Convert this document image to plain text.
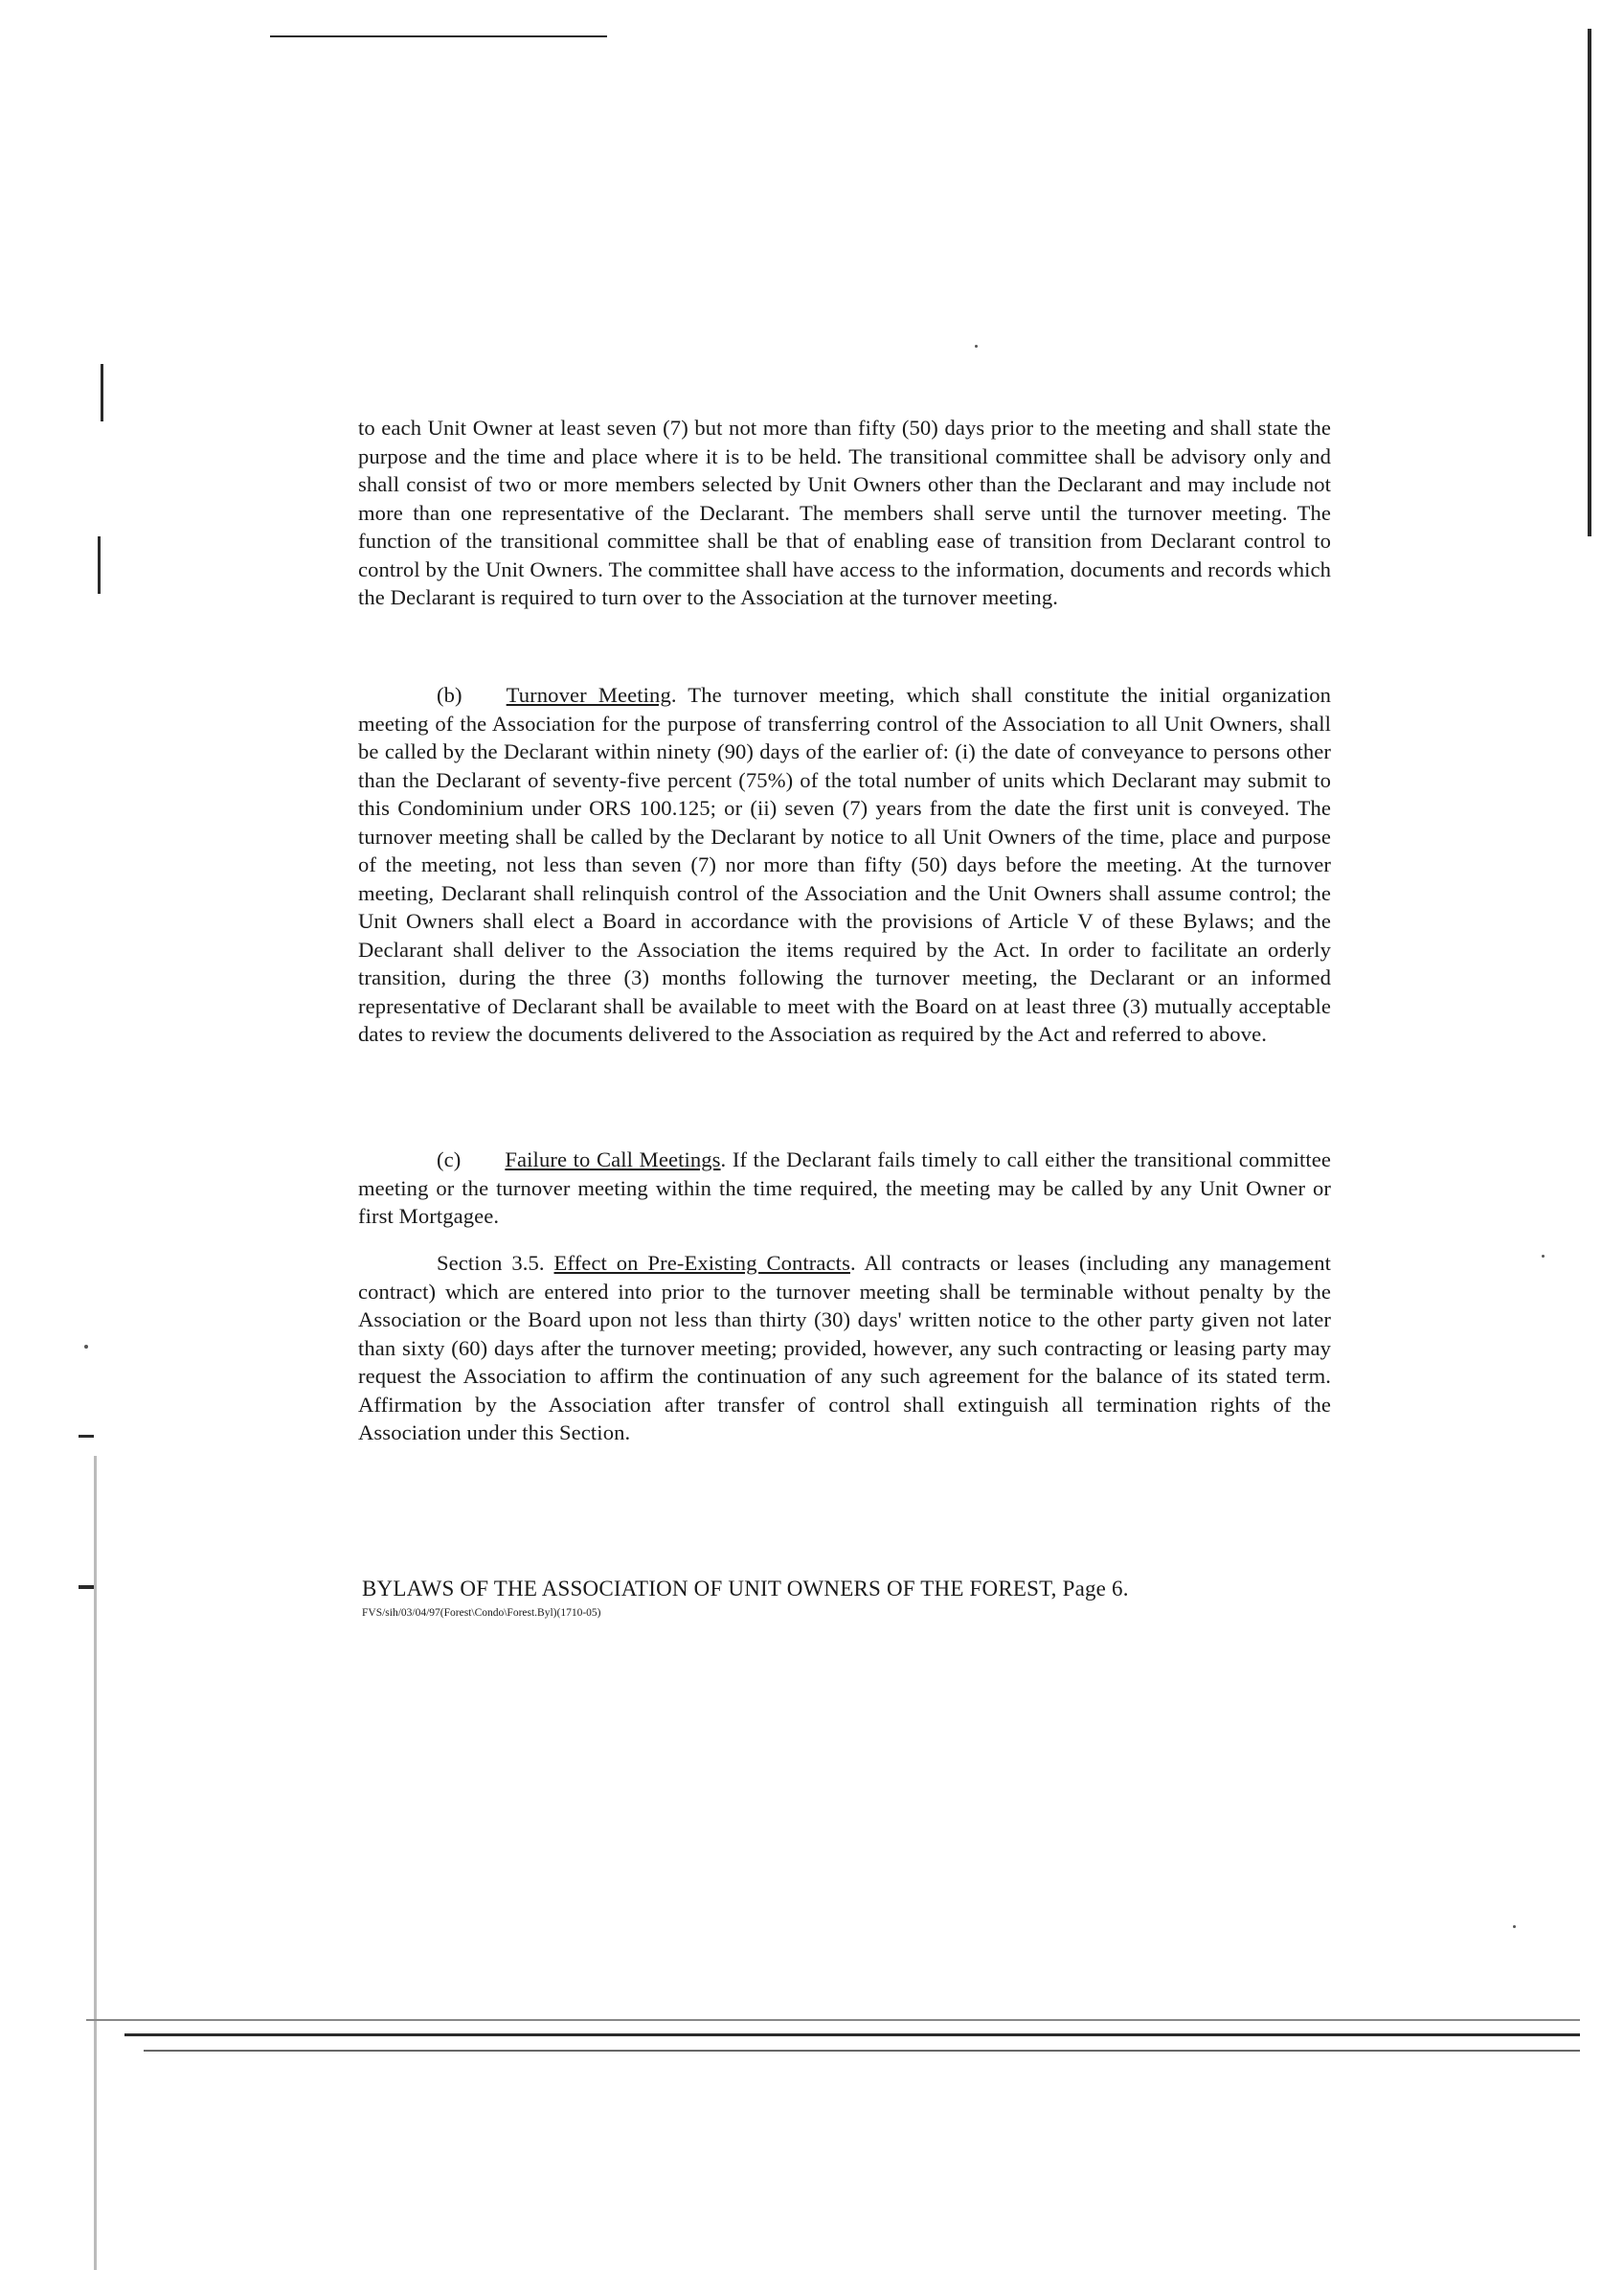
to each Unit Owner at least seven (7) but not more than fifty (50) days prior to the meeting and shall state the purpose and the time and place where it is to be held. The transitional committee shall be advisory only and shall consist of two or more members selected by Unit Owners other than the Declarant and may include not more than one representative of the Declarant. The members shall serve until the turnover meeting. The function of the transitional committee shall be that of enabling ease of transition from Declarant control to control by the Unit Owners. The committee shall have access to the information, documents and records which the Declarant is required to turn over to the Association at the turnover meeting.

(b) Turnover Meeting. The turnover meeting, which shall constitute the initial organization meeting of the Association for the purpose of transferring control of the Association to all Unit Owners, shall be called by the Declarant within ninety (90) days of the earlier of: (i) the date of conveyance to persons other than the Declarant of seventy-five percent (75%) of the total number of units which Declarant may submit to this Condominium under ORS 100.125; or (ii) seven (7) years from the date the first unit is conveyed. The turnover meeting shall be called by the Declarant by notice to all Unit Owners of the time, place and purpose of the meeting, not less than seven (7) nor more than fifty (50) days before the meeting. At the turnover meeting, Declarant shall relinquish control of the Association and the Unit Owners shall assume control; the Unit Owners shall elect a Board in accordance with the provisions of Article V of these Bylaws; and the Declarant shall deliver to the Association the items required by the Act. In order to facilitate an orderly transition, during the three (3) months following the turnover meeting, the Declarant or an informed representative of Declarant shall be available to meet with the Board on at least three (3) mutually acceptable dates to review the documents delivered to the Association as required by the Act and referred to above.

(c) Failure to Call Meetings. If the Declarant fails timely to call either the transitional committee meeting or the turnover meeting within the time required, the meeting may be called by any Unit Owner or first Mortgagee.

Section 3.5. Effect on Pre-Existing Contracts. All contracts or leases (including any management contract) which are entered into prior to the turnover meeting shall be terminable without penalty by the Association or the Board upon not less than thirty (30) days' written notice to the other party given not later than sixty (60) days after the turnover meeting; provided, however, any such contracting or leasing party may request the Association to affirm the continuation of any such agreement for the balance of its stated term. Affirmation by the Association after transfer of control shall extinguish all termination rights of the Association under this Section.

BYLAWS OF THE ASSOCIATION OF UNIT OWNERS OF THE FOREST, Page 6.
FVS/sih/03/04/97(Forest\Condo\Forest.Byl)(1710-05)
